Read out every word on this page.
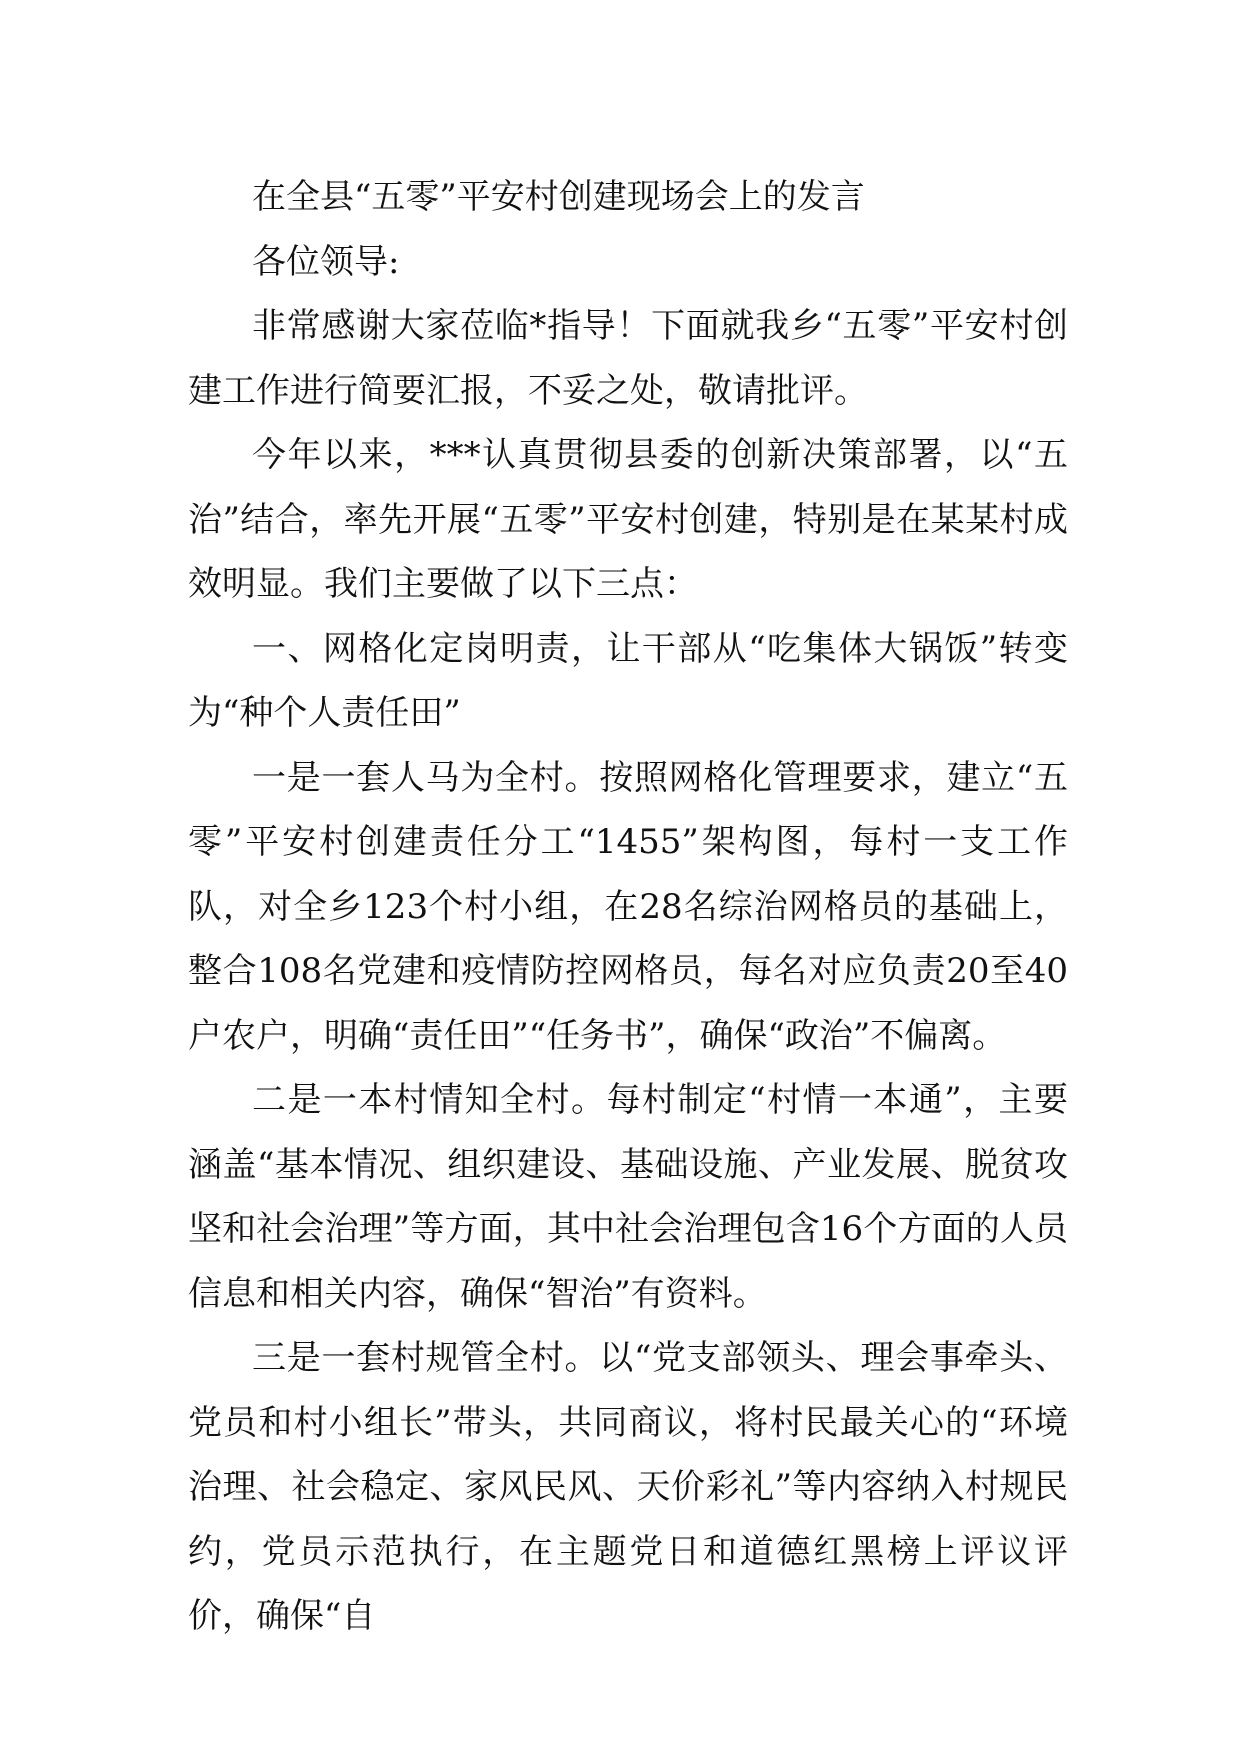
在全县“五零”平安村创建现场会上的发言

各位领导:

非常感谢大家莅临*指导！下面就我乡“五零”平安村创建工作进行简要汇报，不妥之处，敬请批评。

今年以来，***认真贯彻县委的创新决策部署，以“五治”结合，率先开展“五零”平安村创建，特别是在某某村成效明显。我们主要做了以下三点：

一、网格化定岗明责，让干部从“吃集体大锅饭”转变为“种个人责任田”

一是一套人马为全村。按照网格化管理要求，建立“五零”平安村创建责任分工“1455”架构图，每村一支工作队，对全乡123个村小组，在28名综治网格员的基础上，整合108名党建和疫情防控网格员，每名对应负责20至40户农户，明确“责任田”“任务书”，确保“政治”不偏离。

二是一本村情知全村。每村制定“村情一本通”，主要涵盖“基本情况、组织建设、基础设施、产业发展、脱贫攻坚和社会治理”等方面，其中社会治理包含16个方面的人员信息和相关内容，确保“智治”有资料。

三是一套村规管全村。以“党支部领头、理会事牵头、党员和村小组长”带头，共同商议，将村民最关心的“环境治理、社会稳定、家风民风、天价彩礼”等内容纳入村规民约，党员示范执行，在主题党日和道德红黑榜上评议评价，确保“自
